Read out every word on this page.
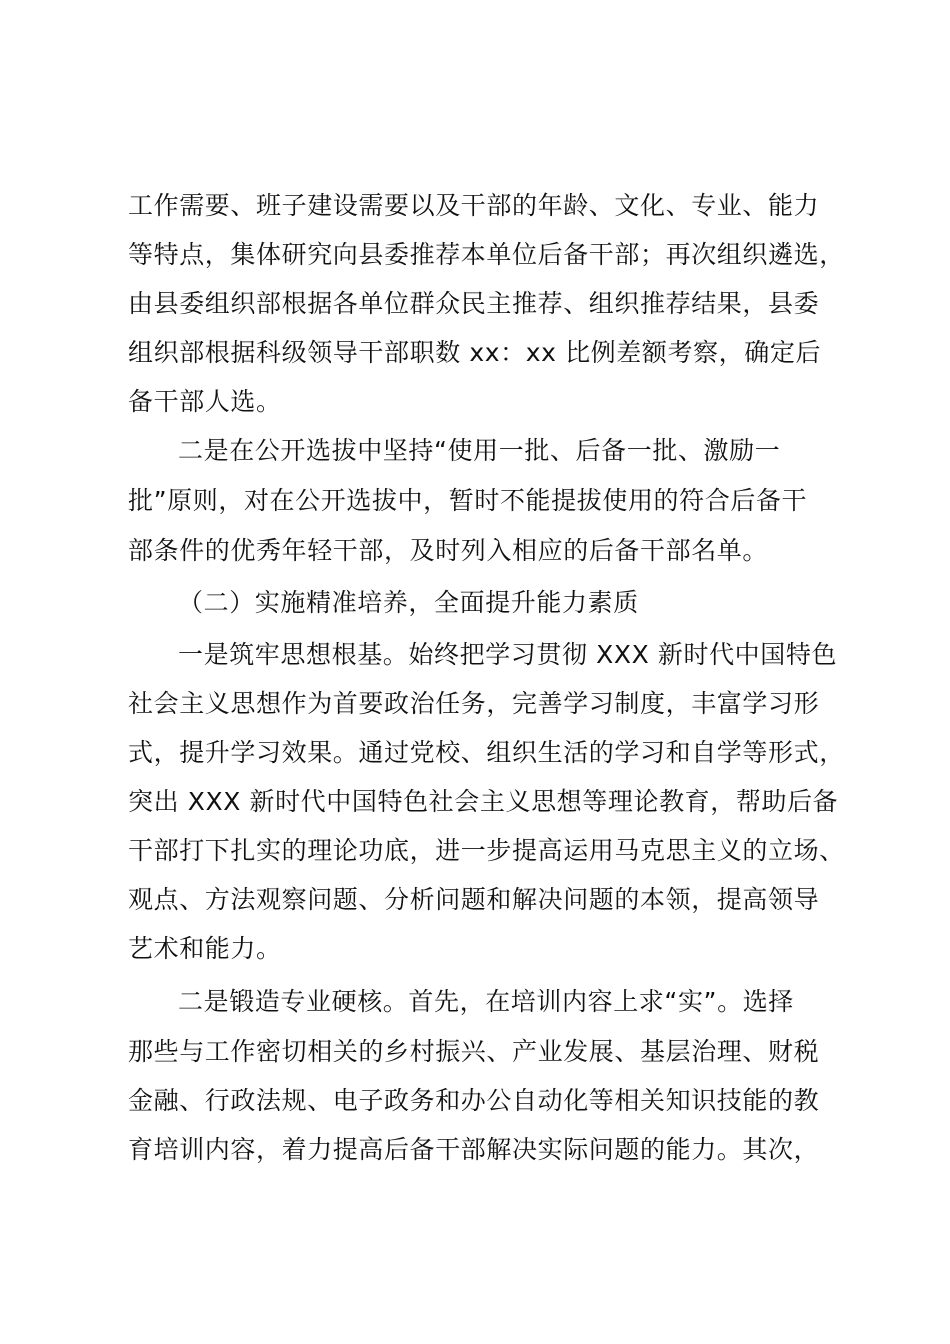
工作需要、班子建设需要以及干部的年龄、文化、专业、能力
等特点，集体研究向县委推荐本单位后备干部；再次组织遴选，
由县委组织部根据各单位群众民主推荐、组织推荐结果，县委
组织部根据科级领导干部职数 xx：xx 比例差额考察，确定后
备干部人选。
二是在公开选拔中坚持“使用一批、后备一批、激励一
批”原则，对在公开选拔中，暂时不能提拔使用的符合后备干
部条件的优秀年轻干部，及时列入相应的后备干部名单。
（二）实施精准培养，全面提升能力素质
一是筑牢思想根基。始终把学习贯彻 XXX 新时代中国特色
社会主义思想作为首要政治任务，完善学习制度，丰富学习形
式，提升学习效果。通过党校、组织生活的学习和自学等形式，
突出 XXX 新时代中国特色社会主义思想等理论教育，帮助后备
干部打下扎实的理论功底，进一步提高运用马克思主义的立场、
观点、方法观察问题、分析问题和解决问题的本领，提高领导
艺术和能力。
二是锻造专业硬核。首先，在培训内容上求“实”。选择
那些与工作密切相关的乡村振兴、产业发展、基层治理、财税
金融、行政法规、电子政务和办公自动化等相关知识技能的教
育培训内容，着力提高后备干部解决实际问题的能力。其次，
